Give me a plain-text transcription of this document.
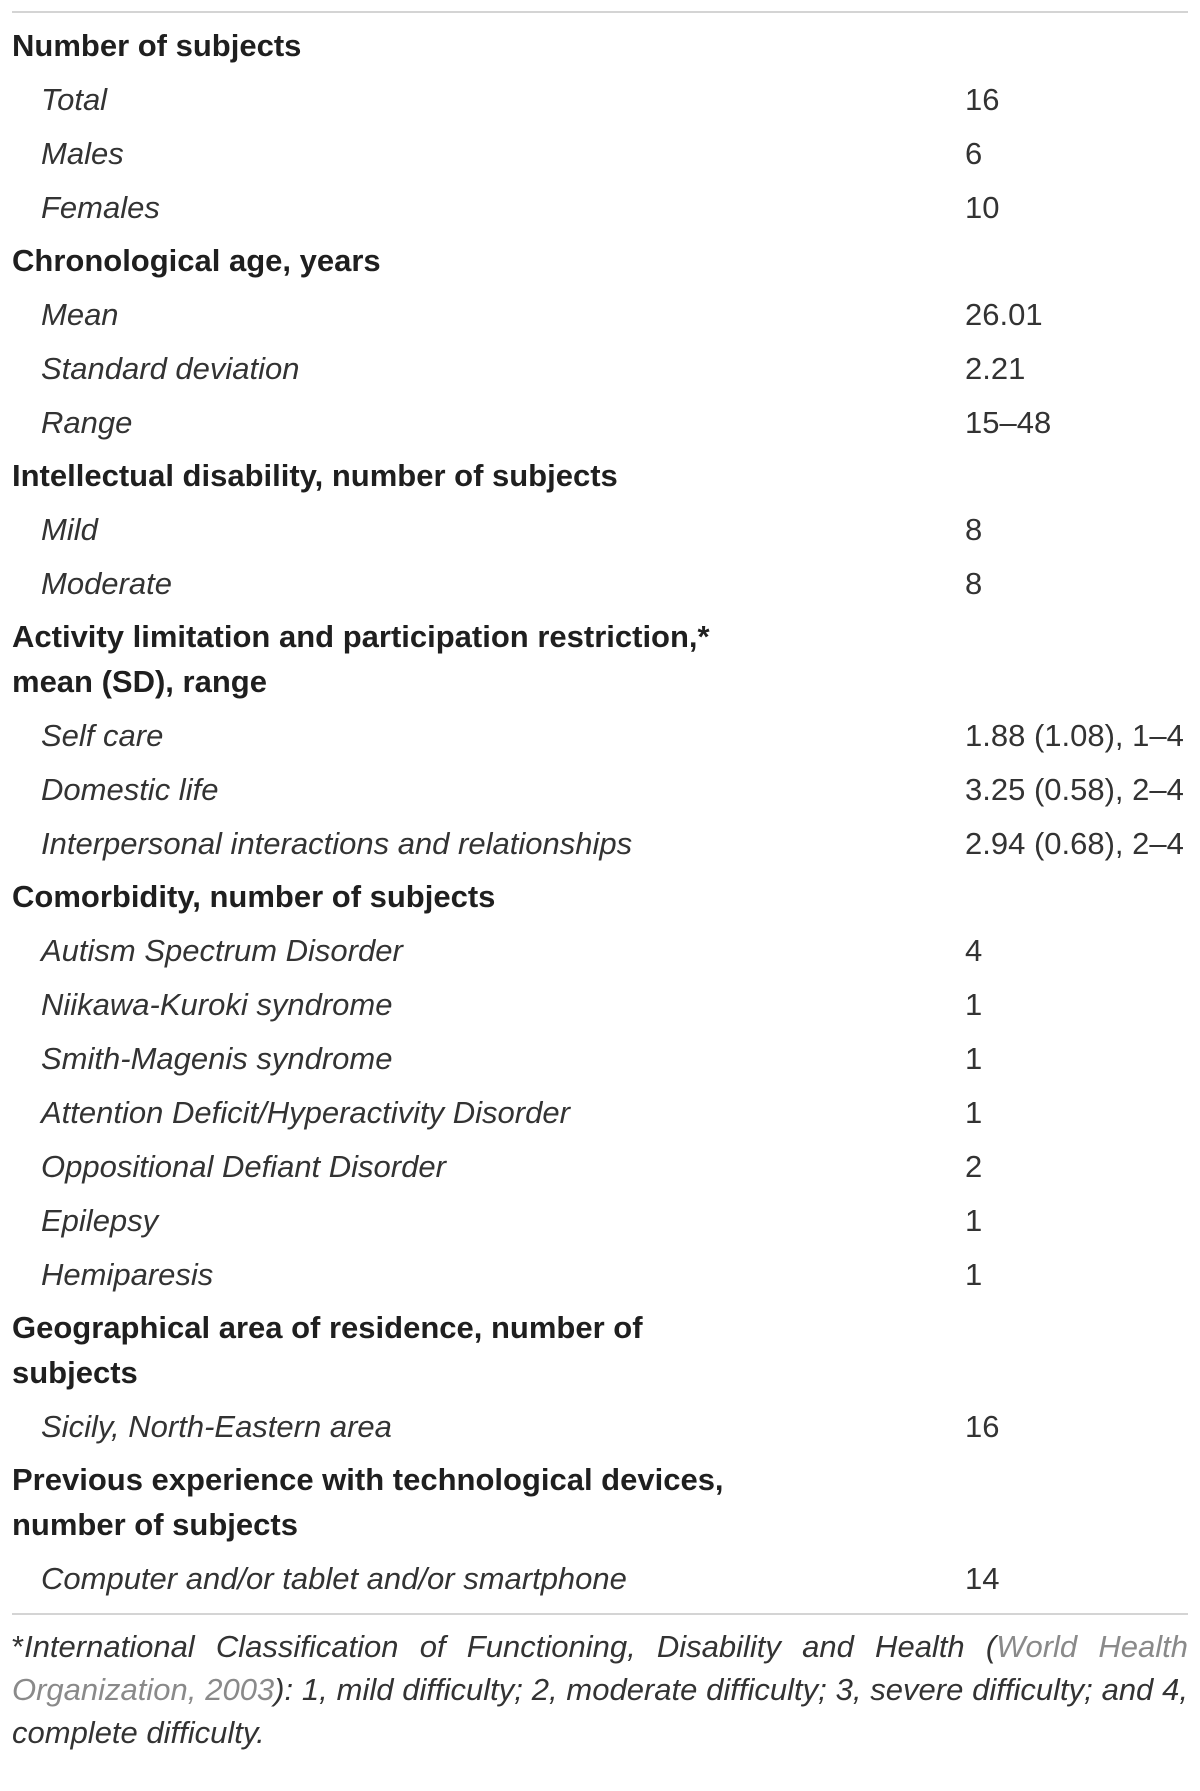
Number of subjects	
Total	16
Males	6
Females	10
Chronological age, years	
Mean	26.01
Standard deviation	2.21
Range	15–48
Intellectual disability, number of subjects	
Mild	8
Moderate	8
Activity limitation and participation restriction,*
mean (SD), range	
Self care	1.88 (1.08), 1–4
Domestic life	3.25 (0.58), 2–4
Interpersonal interactions and relationships	2.94 (0.68), 2–4
Comorbidity, number of subjects	
Autism Spectrum Disorder	4
Niikawa-Kuroki syndrome	1
Smith-Magenis syndrome	1
Attention Deficit/Hyperactivity Disorder	1
Oppositional Defiant Disorder	2
Epilepsy	1
Hemiparesis	1
Geographical area of residence, number of
subjects	
Sicily, North-Eastern area	16
Previous experience with technological devices,
number of subjects	
Computer and/or tablet and/or smartphone	14

*International Classification of Functioning, Disability and Health (World Health Organization, 2003): 1, mild difficulty; 2, moderate difficulty; 3, severe difficulty; and 4, complete difficulty.
